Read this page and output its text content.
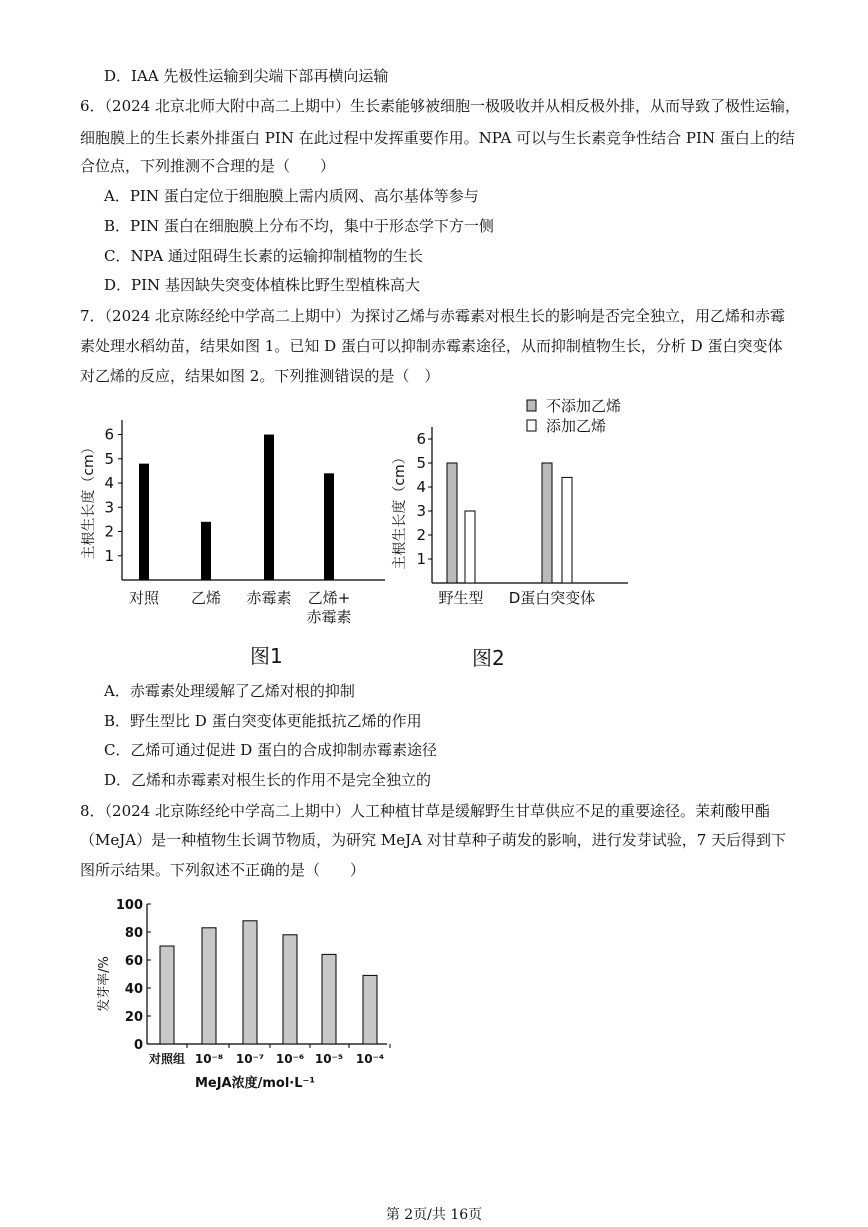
D．IAA 先极性运输到尖端下部再横向运输
6．（2024 北京北师大附中高二上期中）生长素能够被细胞一极吸收并从相反极外排，从而导致了极性运输，
细胞膜上的生长素外排蛋白 PIN 在此过程中发挥重要作用。NPA 可以与生长素竞争性结合 PIN 蛋白上的结
合位点，下列推测不合理的是（　　）
A．PIN 蛋白定位于细胞膜上需内质网、高尔基体等参与
B．PIN 蛋白在细胞膜上分布不均，集中于形态学下方一侧
C．NPA 通过阻碍生长素的运输抑制植物的生长
D．PIN 基因缺失突变体植株比野生型植株高大
7．（2024 北京陈经纶中学高二上期中）为探讨乙烯与赤霉素对根生长的影响是否完全独立，用乙烯和赤霉
素处理水稻幼苗，结果如图 1。已知 D 蛋白可以抑制赤霉素途径，从而抑制植物生长，分析 D 蛋白突变体
对乙烯的反应，结果如图 2。下列推测错误的是（　）
1
2
3
4
5
6
主根生长度（cm）
对照 乙烯 赤霉素 乙烯+
赤霉素
图1
1
2
3
4
5
6
主根生长度（cm）
不添加乙烯
添加乙烯
野生型 D蛋白突变体
图2
A．赤霉素处理缓解了乙烯对根的抑制
B．野生型比 D 蛋白突变体更能抵抗乙烯的作用
C．乙烯可通过促进 D 蛋白的合成抑制赤霉素途径
D．乙烯和赤霉素对根生长的作用不是完全独立的
8．（2024 北京陈经纶中学高二上期中）人工种植甘草是缓解野生甘草供应不足的重要途径。茉莉酸甲酯
（MeJA）是一种植物生长调节物质，为研究 MeJA 对甘草种子萌发的影响，进行发芽试验，7 天后得到下
图所示结果。下列叙述不正确的是（　　）
0
20
40
60
80
100
发芽率/%
对照组 10⁻⁸ 10⁻⁷ 10⁻⁶ 10⁻⁵ 10⁻⁴
MeJA浓度/mol·L⁻¹
第 2页/共 16页
